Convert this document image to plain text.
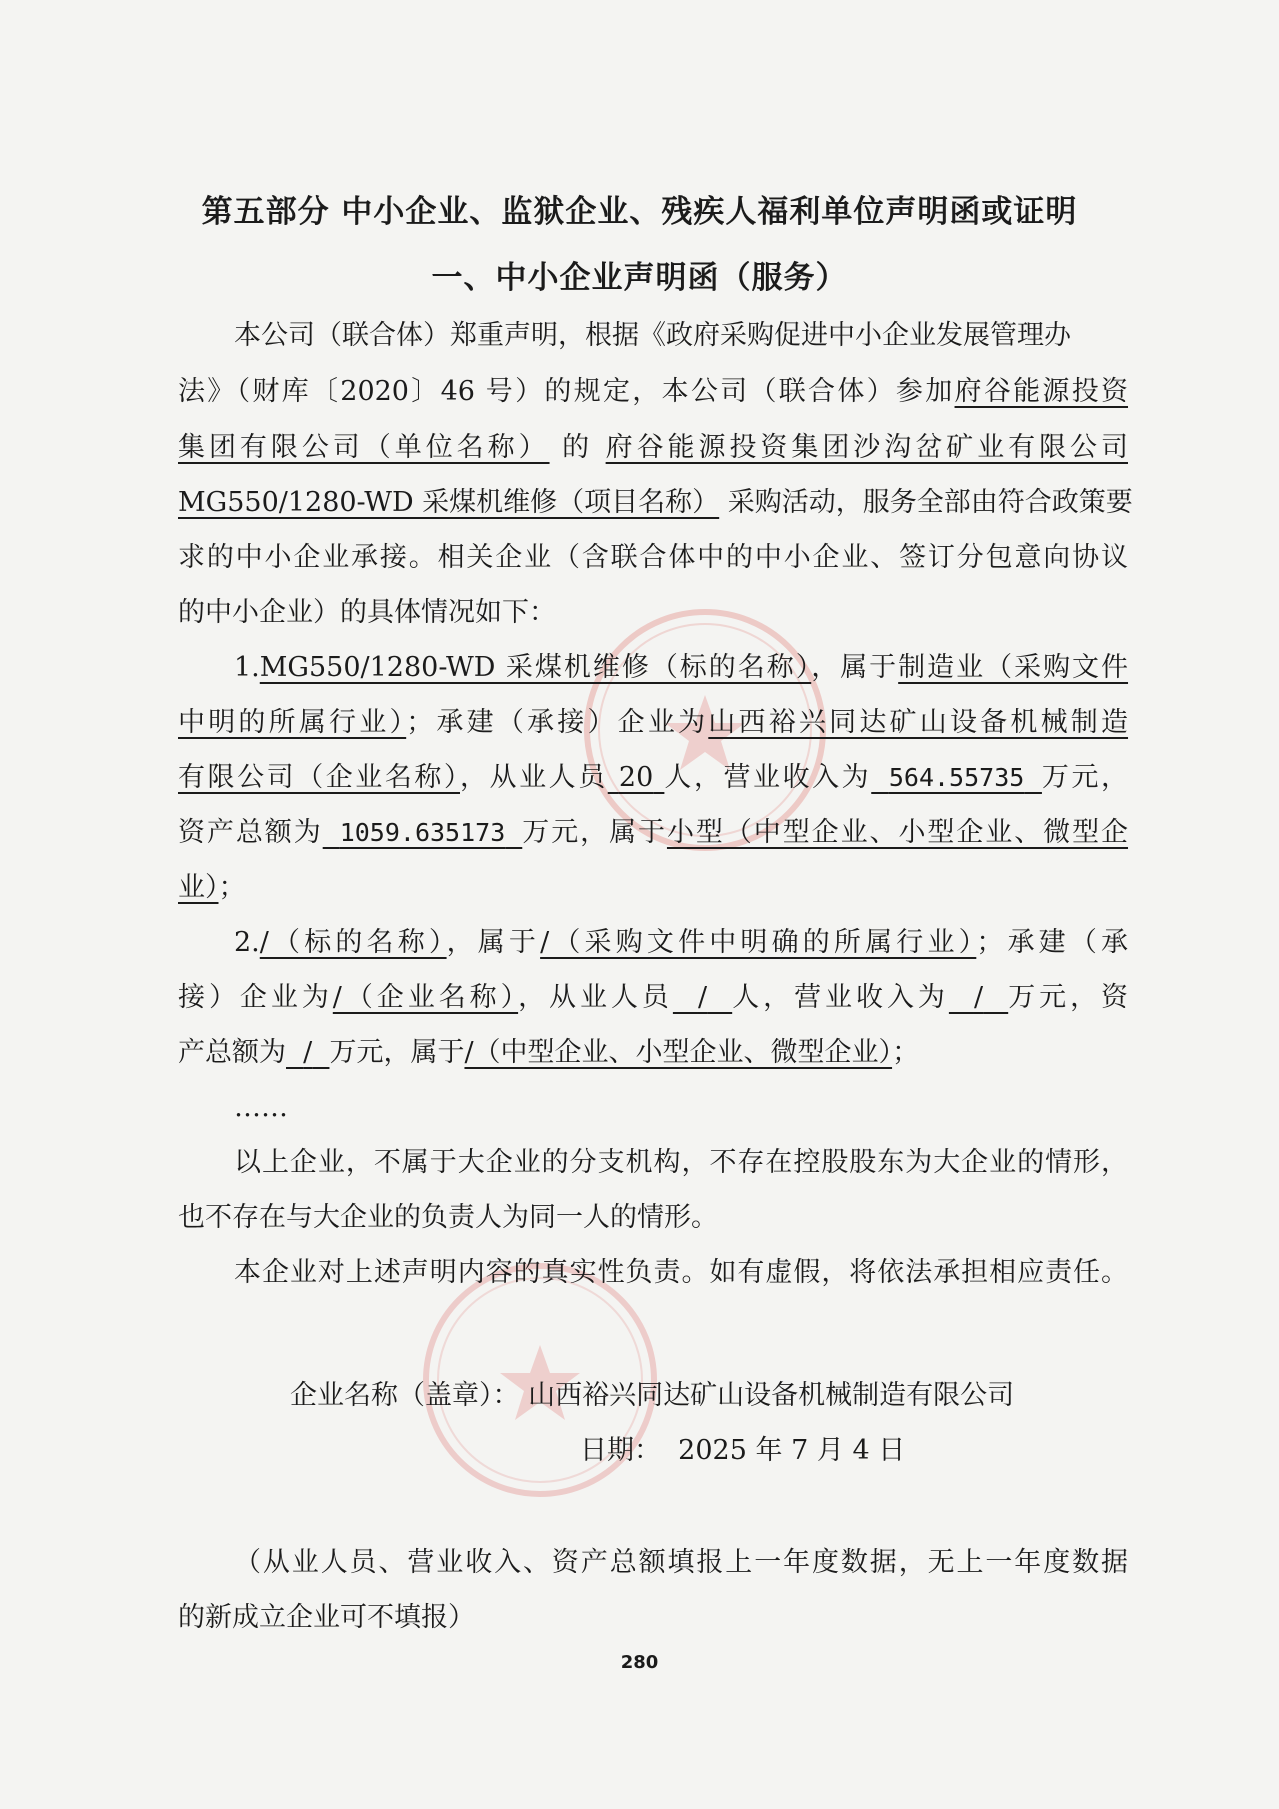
第五部分 中小企业、监狱企业、残疾人福利单位声明函或证明
一、中小企业声明函（服务）
本公司（联合体）郑重声明，根据《政府采购促进中小企业发展管理办
法》（财库〔2020〕46 号）的规定，本公司（联合体）参加府谷能源投资
集团有限公司（单位名称） 的 府谷能源投资集团沙沟岔矿业有限公司
MG550/1280-WD 采煤机维修（项目名称） 采购活动，服务全部由符合政策要
求的中小企业承接。相关企业（含联合体中的中小企业、签订分包意向协议
的中小企业）的具体情况如下：
1.MG550/1280-WD 采煤机维修（标的名称），属于制造业（采购文件
中明的所属行业）；承建（承接）企业为山西裕兴同达矿山设备机械制造
有限公司（企业名称），从业人员 20 人，营业收入为 564.55735 万元，
资产总额为 1059.635173 万元，属于小型（中型企业、小型企业、微型企
业）；
2./（标的名称），属于/（采购文件中明确的所属行业）；承建（承
接）企业为/（企业名称），从业人员 / 人，营业收入为 / 万元，资
产总额为 / 万元，属于/（中型企业、小型企业、微型企业）；
……
以上企业，不属于大企业的分支机构，不存在控股股东为大企业的情形，
也不存在与大企业的负责人为同一人的情形。
本企业对上述声明内容的真实性负责。如有虚假，将依法承担相应责任。
企业名称（盖章）： 山西裕兴同达矿山设备机械制造有限公司
日期： 2025 年 7 月 4 日
（从业人员、营业收入、资产总额填报上一年度数据，无上一年度数据
的新成立企业可不填报）
280
